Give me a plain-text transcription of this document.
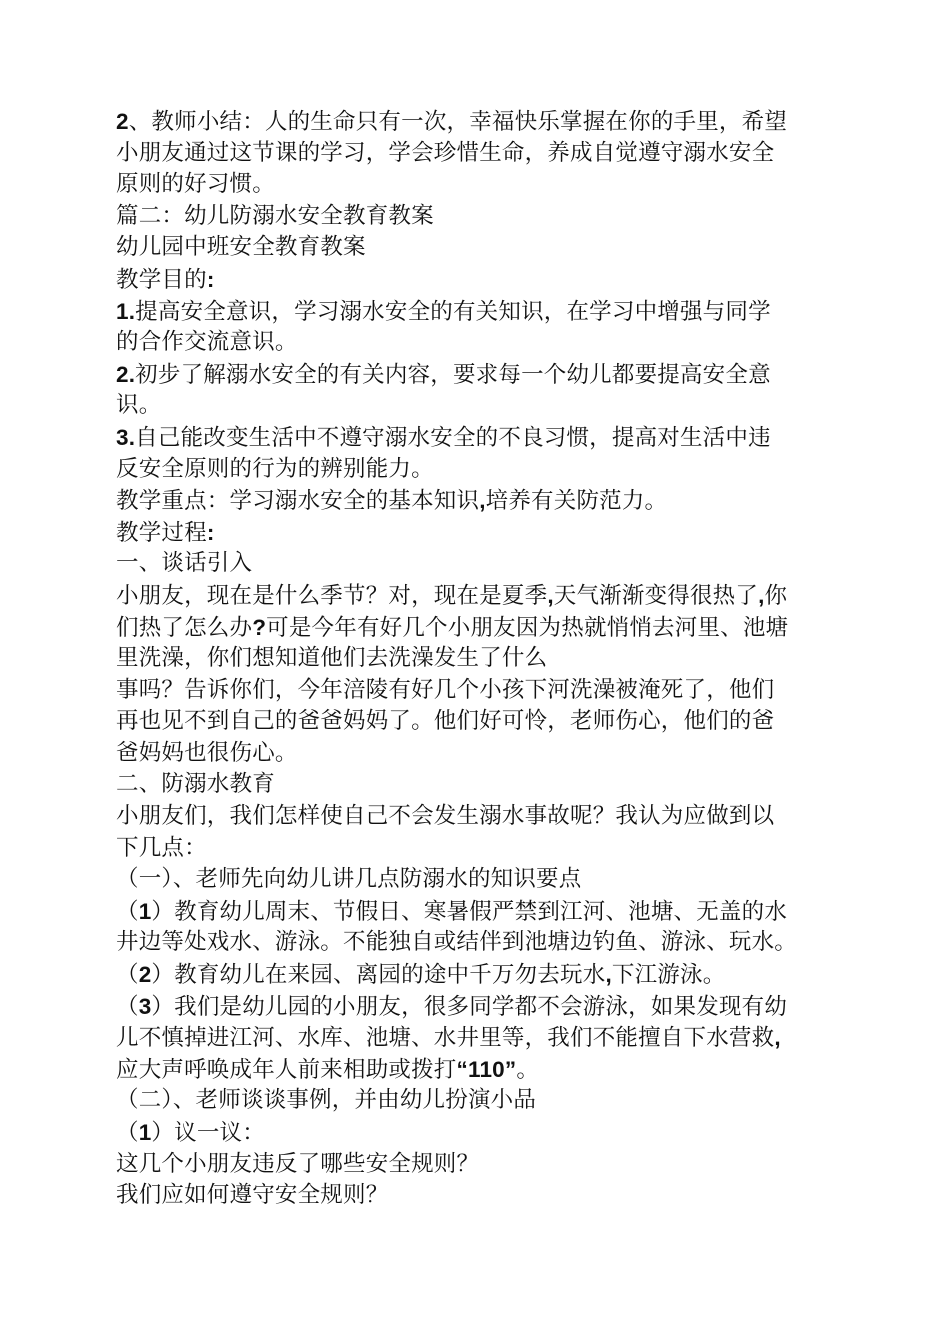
2、教师小结：人的生命只有一次，幸福快乐掌握在你的手里，希望
小朋友通过这节课的学习，学会珍惜生命，养成自觉遵守溺水安全
原则的好习惯。
篇二：幼儿防溺水安全教育教案
幼儿园中班安全教育教案
教学目的:
1.提高安全意识，学习溺水安全的有关知识，在学习中增强与同学
的合作交流意识。
2.初步了解溺水安全的有关内容，要求每一个幼儿都要提高安全意
识。
3.自己能改变生活中不遵守溺水安全的不良习惯，提高对生活中违
反安全原则的行为的辨别能力。
教学重点：学习溺水安全的基本知识,培养有关防范力。
教学过程:
一、谈话引入
小朋友，现在是什么季节？对，现在是夏季,天气渐渐变得很热了,你
们热了怎么办?可是今年有好几个小朋友因为热就悄悄去河里、池塘
里洗澡，你们想知道他们去洗澡发生了什么
事吗？告诉你们，今年涪陵有好几个小孩下河洗澡被淹死了，他们
再也见不到自己的爸爸妈妈了。他们好可怜，老师伤心，他们的爸
爸妈妈也很伤心。
二、防溺水教育
小朋友们，我们怎样使自己不会发生溺水事故呢？我认为应做到以
下几点：
（一）、老师先向幼儿讲几点防溺水的知识要点
（1）教育幼儿周末、节假日、寒暑假严禁到江河、池塘、无盖的水
井边等处戏水、游泳。不能独自或结伴到池塘边钓鱼、游泳、玩水。
（2）教育幼儿在来园、离园的途中千万勿去玩水,下江游泳。
（3）我们是幼儿园的小朋友，很多同学都不会游泳，如果发现有幼
儿不慎掉进江河、水库、池塘、水井里等，我们不能擅自下水营救,
应大声呼唤成年人前来相助或拨打“110”。
（二）、老师谈谈事例，并由幼儿扮演小品
（1）议一议：
这几个小朋友违反了哪些安全规则？
我们应如何遵守安全规则？
